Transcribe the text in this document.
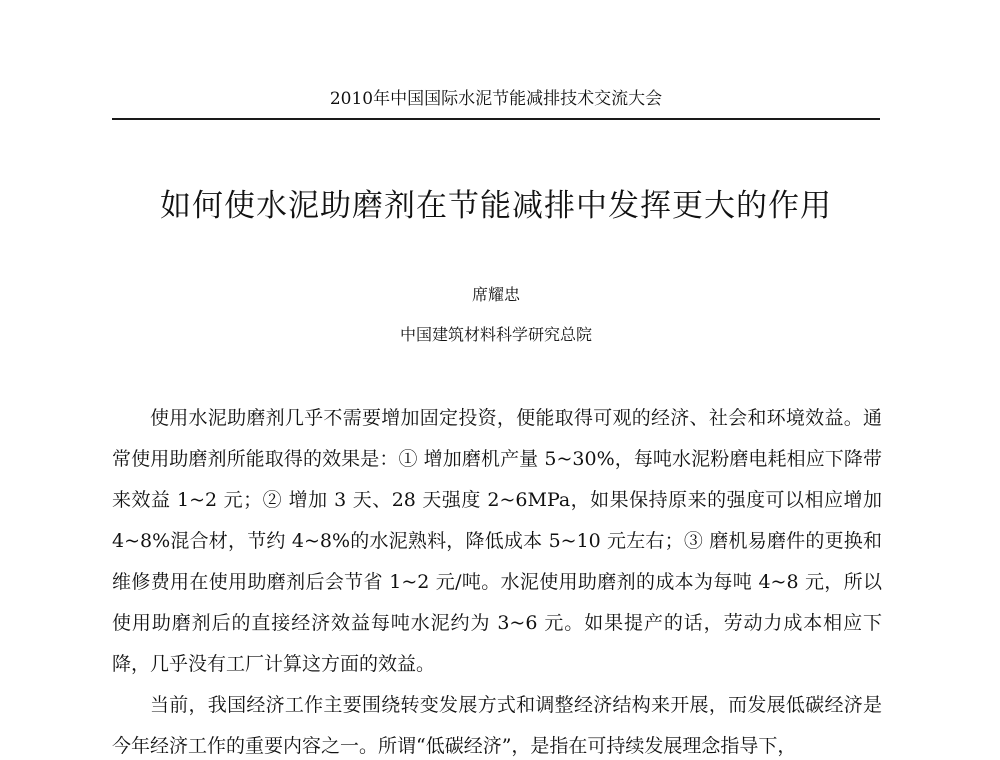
2010年中国国际水泥节能减排技术交流大会
如何使水泥助磨剂在节能减排中发挥更大的作用
席耀忠
中国建筑材料科学研究总院

使用水泥助磨剂几乎不需要增加固定投资，便能取得可观的经济、社会和环境效益。通常使用助磨剂所能取得的效果是：① 增加磨机产量 5~30%，每吨水泥粉磨电耗相应下降带来效益 1~2 元；② 增加 3 天、28 天强度 2~6MPa，如果保持原来的强度可以相应增加 4~8%混合材，节约 4~8%的水泥熟料，降低成本 5~10 元左右；③ 磨机易磨件的更换和维修费用在使用助磨剂后会节省 1~2 元/吨。水泥使用助磨剂的成本为每吨 4~8 元，所以使用助磨剂后的直接经济效益每吨水泥约为 3~6 元。如果提产的话，劳动力成本相应下降，几乎没有工厂计算这方面的效益。

当前，我国经济工作主要围绕转变发展方式和调整经济结构来开展，而发展低碳经济是今年经济工作的重要内容之一。所谓“低碳经济”，是指在可持续发展理念指导下，
